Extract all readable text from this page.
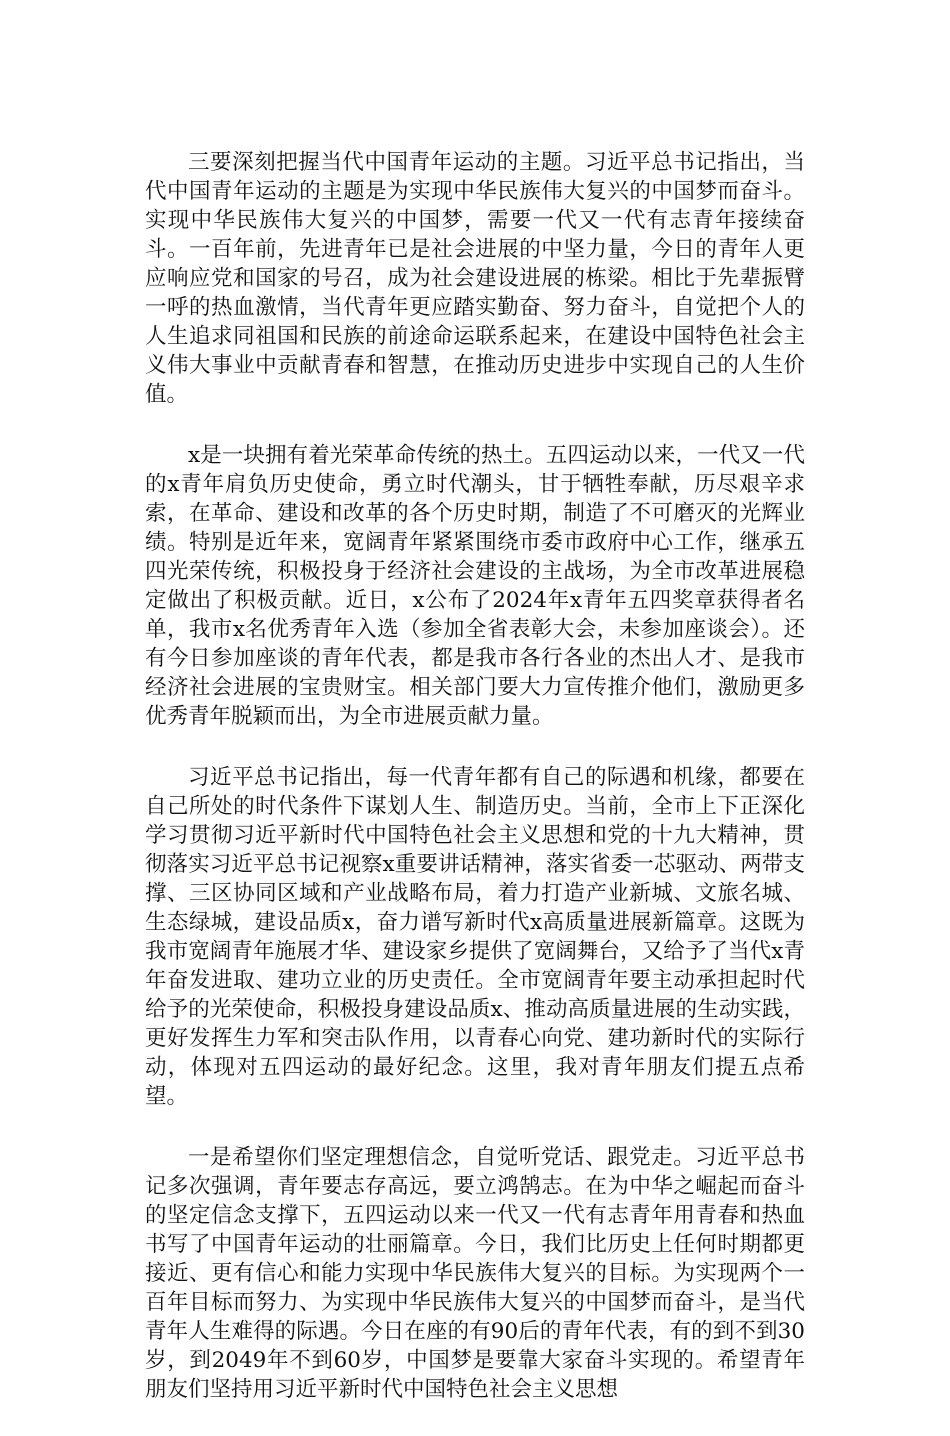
三要深刻把握当代中国青年运动的主题。习近平总书记指出，当代中国青年运动的主题是为实现中华民族伟大复兴的中国梦而奋斗。实现中华民族伟大复兴的中国梦，需要一代又一代有志青年接续奋斗。一百年前，先进青年已是社会进展的中坚力量，今日的青年人更应响应党和国家的号召，成为社会建设进展的栋梁。相比于先辈振臂一呼的热血激情，当代青年更应踏实勤奋、努力奋斗，自觉把个人的人生追求同祖国和民族的前途命运联系起来，在建设中国特色社会主义伟大事业中贡献青春和智慧，在推动历史进步中实现自己的人生价值。

x是一块拥有着光荣革命传统的热土。五四运动以来，一代又一代的x青年肩负历史使命，勇立时代潮头，甘于牺牲奉献，历尽艰辛求索，在革命、建设和改革的各个历史时期，制造了不可磨灭的光辉业绩。特别是近年来，宽阔青年紧紧围绕市委市政府中心工作，继承五四光荣传统，积极投身于经济社会建设的主战场，为全市改革进展稳定做出了积极贡献。近日，x公布了2024年x青年五四奖章获得者名单，我市x名优秀青年入选（参加全省表彰大会，未参加座谈会）。还有今日参加座谈的青年代表，都是我市各行各业的杰出人才、是我市经济社会进展的宝贵财宝。相关部门要大力宣传推介他们，激励更多优秀青年脱颖而出，为全市进展贡献力量。

习近平总书记指出，每一代青年都有自己的际遇和机缘，都要在自己所处的时代条件下谋划人生、制造历史。当前，全市上下正深化学习贯彻习近平新时代中国特色社会主义思想和党的十九大精神，贯彻落实习近平总书记视察x重要讲话精神，落实省委一芯驱动、两带支撑、三区协同区域和产业战略布局，着力打造产业新城、文旅名城、生态绿城，建设品质x，奋力谱写新时代x高质量进展新篇章。这既为我市宽阔青年施展才华、建设家乡提供了宽阔舞台，又给予了当代x青年奋发进取、建功立业的历史责任。全市宽阔青年要主动承担起时代给予的光荣使命，积极投身建设品质x、推动高质量进展的生动实践，更好发挥生力军和突击队作用，以青春心向党、建功新时代的实际行动，体现对五四运动的最好纪念。这里，我对青年朋友们提五点希望。

一是希望你们坚定理想信念，自觉听党话、跟党走。习近平总书记多次强调，青年要志存高远，要立鸿鹄志。在为中华之崛起而奋斗的坚定信念支撑下，五四运动以来一代又一代有志青年用青春和热血书写了中国青年运动的壮丽篇章。今日，我们比历史上任何时期都更接近、更有信心和能力实现中华民族伟大复兴的目标。为实现两个一百年目标而努力、为实现中华民族伟大复兴的中国梦而奋斗，是当代青年人生难得的际遇。今日在座的有90后的青年代表，有的到不到30岁，到2049年不到60岁，中国梦是要靠大家奋斗实现的。希望青年朋友们坚持用习近平新时代中国特色社会主义思想
